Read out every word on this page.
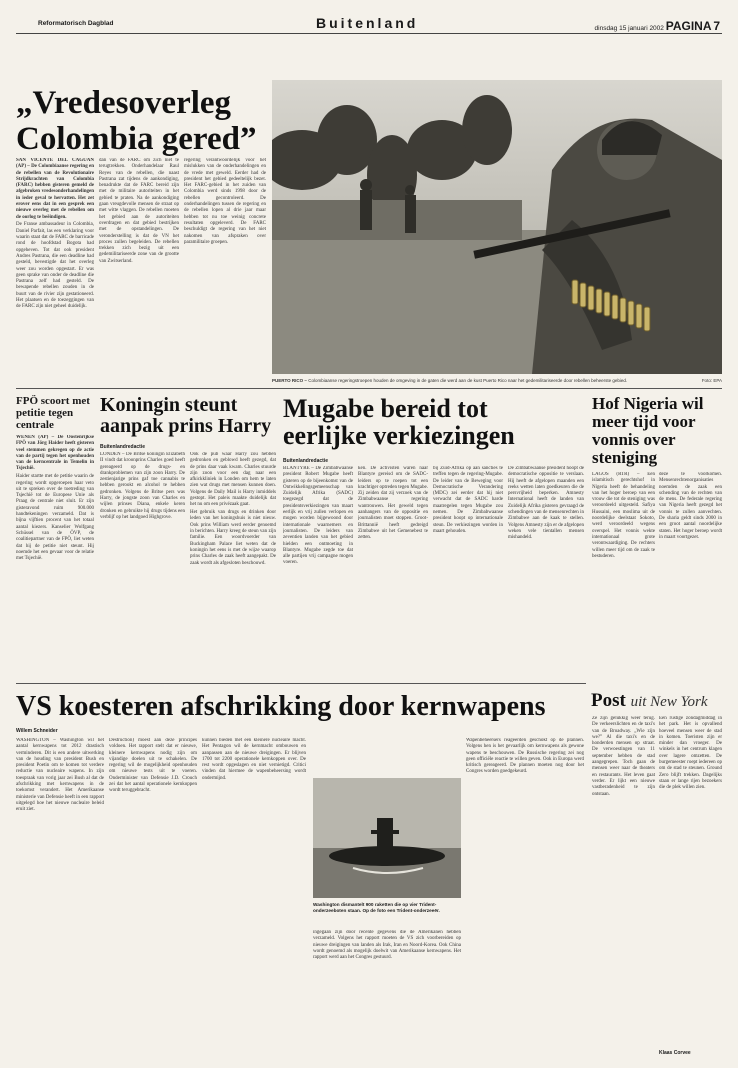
Reformatorisch Dagblad	Buitenland	dinsdag 15 januari 2002 PAGINA 7
„Vredesoverleg
Colombia gered”

SAN VICENTE DEL CAGUAN (AP) – De Colombiaanse regering en de rebellen van de Revolutionaire Strijdkrachten van Colombia (FARC) hebben gisteren gemeld de afgebroken vredesonderhandelingen in ieder geval te hervatten. Het zet erover eens dat in een gesprek een nieuwe overleg met de rebellen om de oorlog te beëindigen.

De Franse ambassadeur in Colombia, Daniel Parfait, las een verklaring voor waarin staat dat de FARC de barricade rond de hoofdstad Bogota had opgeheven. Tot dat ook president Andres Pastrana, die een deadline had gesteld, bevestigde dat het overleg weer zou worden opgestart. Er was geen sprake van onder de deadline die Pastrana zelf had gesteld. De bewapende rebellen zouden in de buurt van de rivier zijn gestationeerd. Het plaatsen en de toezeggingen van de FARC zijn niet geheel duidelijk.

dan van de FARC om zich niet te terugtrekken. Onderhandelaar Raul Reyes van de rebellen, die naast Pastrana zat tijdens de aankondiging, benadrukte dat de FARC bereid zijn met de militaire autoriteiten in het gebied te praten. Na de aankondiging gaan vreugdevolle mensen de straat op met witte vlaggen. De rebellen moeten het gebied aan de autoriteiten overdragen en dat gebied bestrijken met de opstandelingen. De veronderstelling is dat de VN het proces zullen begeleiden. De rebellen trekken zich bezig uit een gedemilitariseerde zone van de grootte van Zwitserland.
regering verantwoordelijk voor het mislukken van de onderhandelingen en de vrede met geweld. Eerder had de president het gebied gedeeltelijk bezet. Het FARC-gebied in het zuiden van Colombia werd sinds 1998 door de rebellen gecontroleerd. De onderhandelingen tussen de regering en de rebellen lopen al drie jaar maar hebben tot nu toe weinig concrete resultaten opgeleverd. De FARC beschuldigt de regering van het niet nakomen van afspraken over paramilitaire groepen.
PUERTO RICO – Colombiaanse regeringstroepen houden de omgeving in de gaten die werd aan de kust Puerto Rico naar het gedemilitariseerde door rebellen beheerste gebied.	Foto: EPA
FPÖ scoort met petitie tegen centrale

WENEN (AP) – De Oostenrijkse FPÖ van Jörg Haider heeft gisteren veel stemmen gekregen op de actie van de partij tegen het openhouden van de kerncentrale in Temelin in Tsjechië.

Haider startte met de petitie waarin de regering wordt opgeroepen haar veto uit te spreken over de toetreding van Tsjechië tot de Europese Unie als Praag de centrale niet sluit. Er zijn gisteravond ruim 900.000 handtekeningen verzameld. Dat is bijna vijftien procent van het totaal aantal kiezers. Kanselier Wolfgang Schüssel van de ÖVP, de coalitiepartner van de FPÖ, liet weten dat hij de petitie niet steunt. Hij noemde het een gevaar voor de relatie met Tsjechië.

Koningin steunt aanpak prins Harry
Buitenlandredactie
LONDEN – De Britse koningin Elizabeth II vindt dat kroonprins Charles goed heeft gereageerd op de drugs- en drankproblemen van zijn zoon Harry. De zestienjarige prins gaf toe cannabis te hebben gerookt en alcohol te hebben gedronken. Volgens de Britse pers was Harry, de jongste zoon van Charles en wijlen prinses Diana, enkele keren dronken en gebruikte hij drugs tijdens een verblijf op het landgoed Highgrove.

Ook de pub waar Harry zou hebben gedronken en geblowd heeft gezegd, dat de prins daar vaak kwam. Charles stuurde zijn zoon voor een dag naar een afkickkliniek in Londen om hem te laten zien wat drugs met mensen kunnen doen. Volgens de Daily Mail is Harry inmiddels gestopt. Het paleis maakte duidelijk dat het nu om een privézaak gaat.

Het gebruik van drugs en drinken door leden van het koningshuis is niet nieuw. Ook prins William werd eerder genoemd in berichten. Harry kreeg de steun van zijn familie. Een woordvoerder van Buckingham Palace liet weten dat de koningin het eens is met de wijze waarop prins Charles de zaak heeft aangepakt. De zaak wordt als afgesloten beschouwd.

Mugabe bereid tot
eerlijke verkiezingen
Buitenlandredactie
BLANTYRE – De Zimbabwaanse president Robert Mugabe heeft gisteren op de bijeenkomst van de Ontwikkelingsgemeenschap van Zuidelijk Afrika (SADC) toegezegd dat de presidentsverkiezingen van maart eerlijk en vrij zullen verlopen en mogen worden bijgewoond door internationale waarnemers en journalisten. De leiders van zeventien landen van het gebied hielden een ontmoeting in Blantyre. Mugabe zegde toe dat alle partijen vrij campagne mogen voeren.
ken. De activisten waren naar Blantyre gereisd om de SADC-leiders op te roepen tot een krachtiger optreden tegen Mugabe. Zij zeiden dat zij verzoek van de Zimbabwaanse regering wantrouwen. Het geweld tegen aanhangers van de oppositie en journalisten moet stoppen. Groot-Brittannië heeft gedreigd Zimbabwe uit het Gemenebest te zetten.
bij Zuid-Afrika op aan sancties te treffen tegen de regering-Mugabe. De leider van de Beweging voor Democratische Verandering (MDC) zei eerder dat hij niet verwacht dat de SADC harde maatregelen tegen Mugabe zou nemen. De Zimbabwaanse president hoopt op internationale steun. De verkiezingen worden in maart gehouden.
De Zimbabwaanse president hoopt de democratische oppositie te verslaan. Hij heeft de afgelopen maanden een reeks wetten laten goedkeuren die de persvrijheid beperken. Amnesty International heeft de landen van Zuidelijk Afrika gisteren gevraagd de schendingen van de mensenrechten in Zimbabwe aan de kaak te stellen. Volgens Amnesty zijn er de afgelopen weken vele tientallen mensen mishandeld.
Hof Nigeria wil meer tijd voor vonnis over steniging
LAGOS (RTR) – Een islamitisch gerechtshof in Nigeria heeft de behandeling van het hoger beroep van een vrouw die tot de steniging was veroordeeld uitgesteld. Safiya Hussaini, een moslima uit de noordelijke deelstaat Sokoto, werd veroordeeld wegens overspel. Het vonnis wekte internationaal grote verontwaardiging. De rechters willen meer tijd om de zaak te bestuderen.
deze te voorkomen. Mensenrechtenorganisaties noemden de zaak een schending van de rechten van de mens. De federale regering van Nigeria heeft gezegd het vonnis te zullen aanvechten. De sharia geldt sinds 2000 in een groot aantal noordelijke staten. Het hoger beroep wordt in maart voortgezet.
VS koesteren afschrikking door kernwapens
Willem Schneider
WASHINGTON – Washington wil het aantal kernwapens tot 2012 drastisch verminderen. Dit is een andere uitwerking van de houding van president Bush en president Poetin om te komen tot verdere reductie van nucleaire wapens. In zijn toespraak van vorig jaar zei Bush al dat de afschrikking met kernwapens in de toekomst verandert. Het Amerikaanse ministerie van Defensie heeft in een rapport uitgelegd hoe het nieuwe nucleaire beleid eruit ziet.
Destruction) moest aan deze principes voldoen. Het rapport stelt dat er nieuwe, kleinere kernwapens nodig zijn om vijandige doelen uit te schakelen. De regering wil de mogelijkheid openhouden om nieuwe tests uit te voeren. Onderminister van Defensie J.D. Crouch zei dat het aantal operationele kernkoppen wordt teruggebracht.
kunnen bieden met een kleinere nucleaire macht. Het Pentagon wil de kernmacht ombouwen en aanpassen aan de nieuwe dreigingen. Er blijven 1700 tot 2200 operationele kernkoppen over. De rest wordt opgeslagen en niet vernietigd. Critici vinden dat hiermee de wapenbeheersing wordt ondermijnd.
ingegaan zijn door recente gegevens die de Amerikanen hebben verzameld. Volgens het rapport moeten de VS zich voorbereiden op nieuwe dreigingen van landen als Irak, Iran en Noord-Korea. Ook China wordt genoemd als mogelijk doelwit van Amerikaanse kernwapens. Het rapport werd aan het Congres gestuurd.
Wapenbeheersers reageerden geschokt op de plannen. Volgens hen is het gevaarlijk om kernwapens als gewone wapens te beschouwen. De Russische regering zei nog geen officiële reactie te willen geven. Ook in Europa werd kritisch gereageerd. De plannen moeten nog door het Congres worden goedgekeurd.
Washington dismantelt 900 raketten die op vier Trident-onderzeeboten staan. Op de foto een Trident-onderzeeër.
Post uit New York
Ze zijn gelukkig weer terug. De verkeerslichten en de taxi's van de Broadway. „Wie zijn we?” Al die taxi's en de honderden mensen op straat. De verwoestingen van 11 september hebben de stad aangegrepen. Toch gaan de mensen weer naar de theaters en restaurants. Het leven gaat verder. Er lijkt een nieuwe vastberadenheid te zijn ontstaan.
Een rustige zondagmiddag in het park. Het is opvallend hoeveel mensen weer de stad in komen. Toeristen zijn er minder dan vroeger. De winkels in het centrum klagen over lagere omzetten. De burgemeester roept iedereen op om de stad te steunen. Ground Zero blijft trekken. Dagelijks staan er lange rijen bezoekers die de plek willen zien.
Klaas Corvee
